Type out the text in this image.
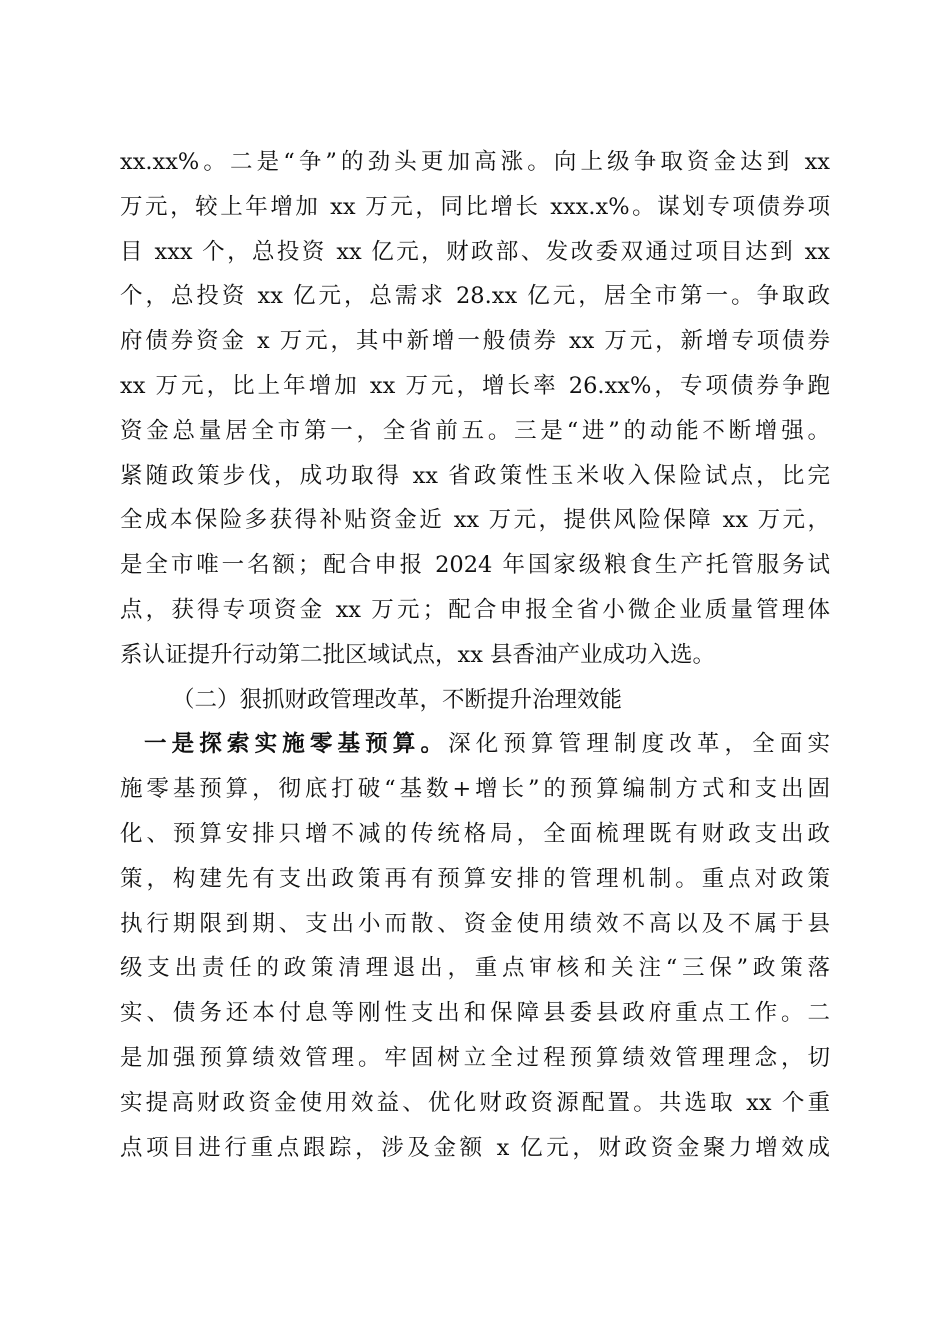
xx.xx%。二是“争”的劲头更加高涨。向上级争取资金达到 xx
万元，较上年增加 xx 万元，同比增长 xxx.x%。谋划专项债券项
目 xxx 个，总投资 xx 亿元，财政部、发改委双通过项目达到 xx
个，总投资 xx 亿元，总需求 28.xx 亿元，居全市第一。争取政
府债券资金 x 万元，其中新增一般债券 xx 万元，新增专项债券
xx 万元，比上年增加 xx 万元，增长率 26.xx%，专项债券争跑
资金总量居全市第一，全省前五。三是“进”的动能不断增强。
紧随政策步伐，成功取得 xx 省政策性玉米收入保险试点，比完
全成本保险多获得补贴资金近 xx 万元，提供风险保障 xx 万元，
是全市唯一名额；配合申报 2024 年国家级粮食生产托管服务试
点，获得专项资金 xx 万元；配合申报全省小微企业质量管理体
系认证提升行动第二批区域试点，xx 县香油产业成功入选。
（二）狠抓财政管理改革，不断提升治理效能
一是探索实施零基预算。深化预算管理制度改革，全面实
施零基预算，彻底打破“基数+增长”的预算编制方式和支出固
化、预算安排只增不减的传统格局，全面梳理既有财政支出政
策，构建先有支出政策再有预算安排的管理机制。重点对政策
执行期限到期、支出小而散、资金使用绩效不高以及不属于县
级支出责任的政策清理退出，重点审核和关注“三保”政策落
实、债务还本付息等刚性支出和保障县委县政府重点工作。二
是加强预算绩效管理。牢固树立全过程预算绩效管理理念，切
实提高财政资金使用效益、优化财政资源配置。共选取 xx 个重
点项目进行重点跟踪，涉及金额 x 亿元，财政资金聚力增效成
